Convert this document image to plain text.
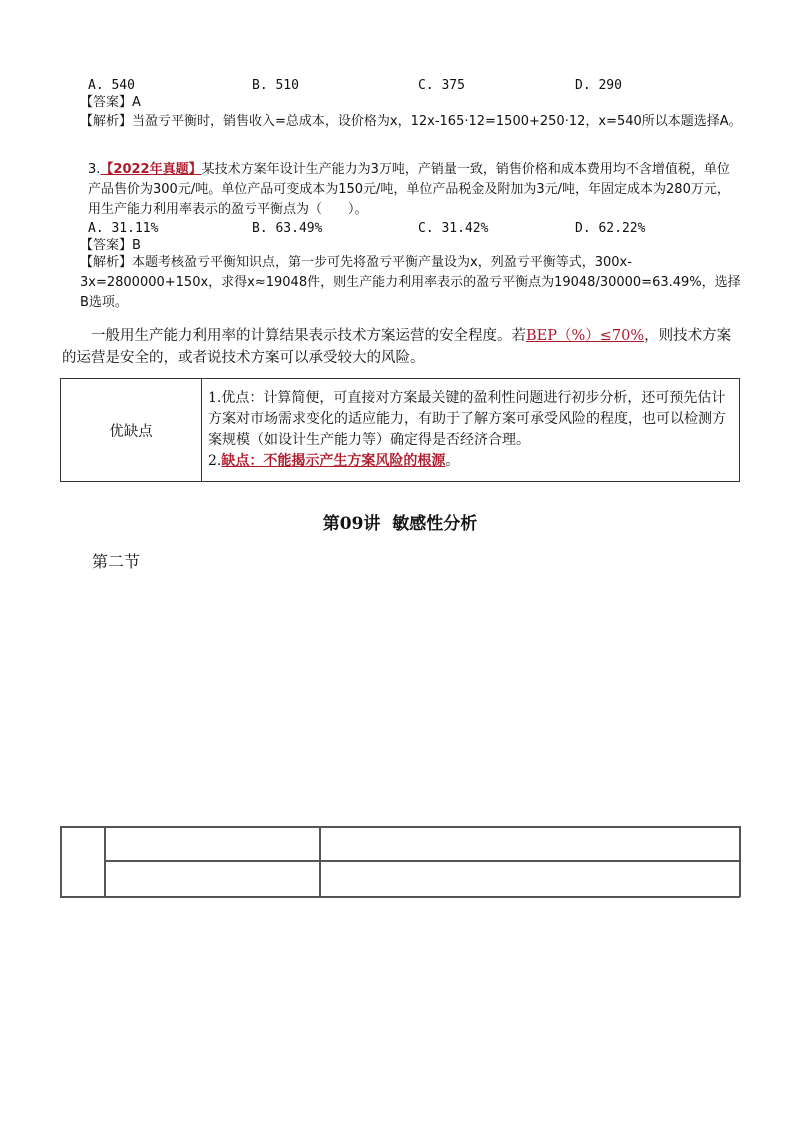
A. 540	B. 510	C. 375	D. 290
【答案】A
【解析】当盈亏平衡时，销售收入=总成本，设价格为x，12x-165·12=1500+250·12，x=540所以本题选择A。
3.【2022年真题】某技术方案年设计生产能力为3万吨，产销量一致，销售价格和成本费用均不含增值税，单位产品售价为300元/吨。单位产品可变成本为150元/吨，单位产品税金及附加为3元/吨，年固定成本为280万元，用生产能力利用率表示的盈亏平衡点为（　　）。
A. 31.11%	B. 63.49%	C. 31.42%	D. 62.22%
【答案】B
【解析】本题考核盈亏平衡知识点，第一步可先将盈亏平衡产量设为x，列盈亏平衡等式，300x-3x=2800000+150x，求得x≈19048件，则生产能力利用率表示的盈亏平衡点为19048/30000=63.49%，选择B选项。
一般用生产能力利用率的计算结果表示技术方案运营的安全程度。若BEP（%）≤70%，则技术方案的运营是安全的，或者说技术方案可以承受较大的风险。
优缺点	
1.优点：计算简便，可直接对方案最关键的盈利性问题进行初步分析，还可预先估计方案对市场需求变化的适应能力，有助于了解方案可承受风险的程度，也可以检测方案规模（如设计生产能力等）确定得是否经济合理。
2.缺点：不能揭示产生方案风险的根源。
第09讲  敏感性分析
第二节
